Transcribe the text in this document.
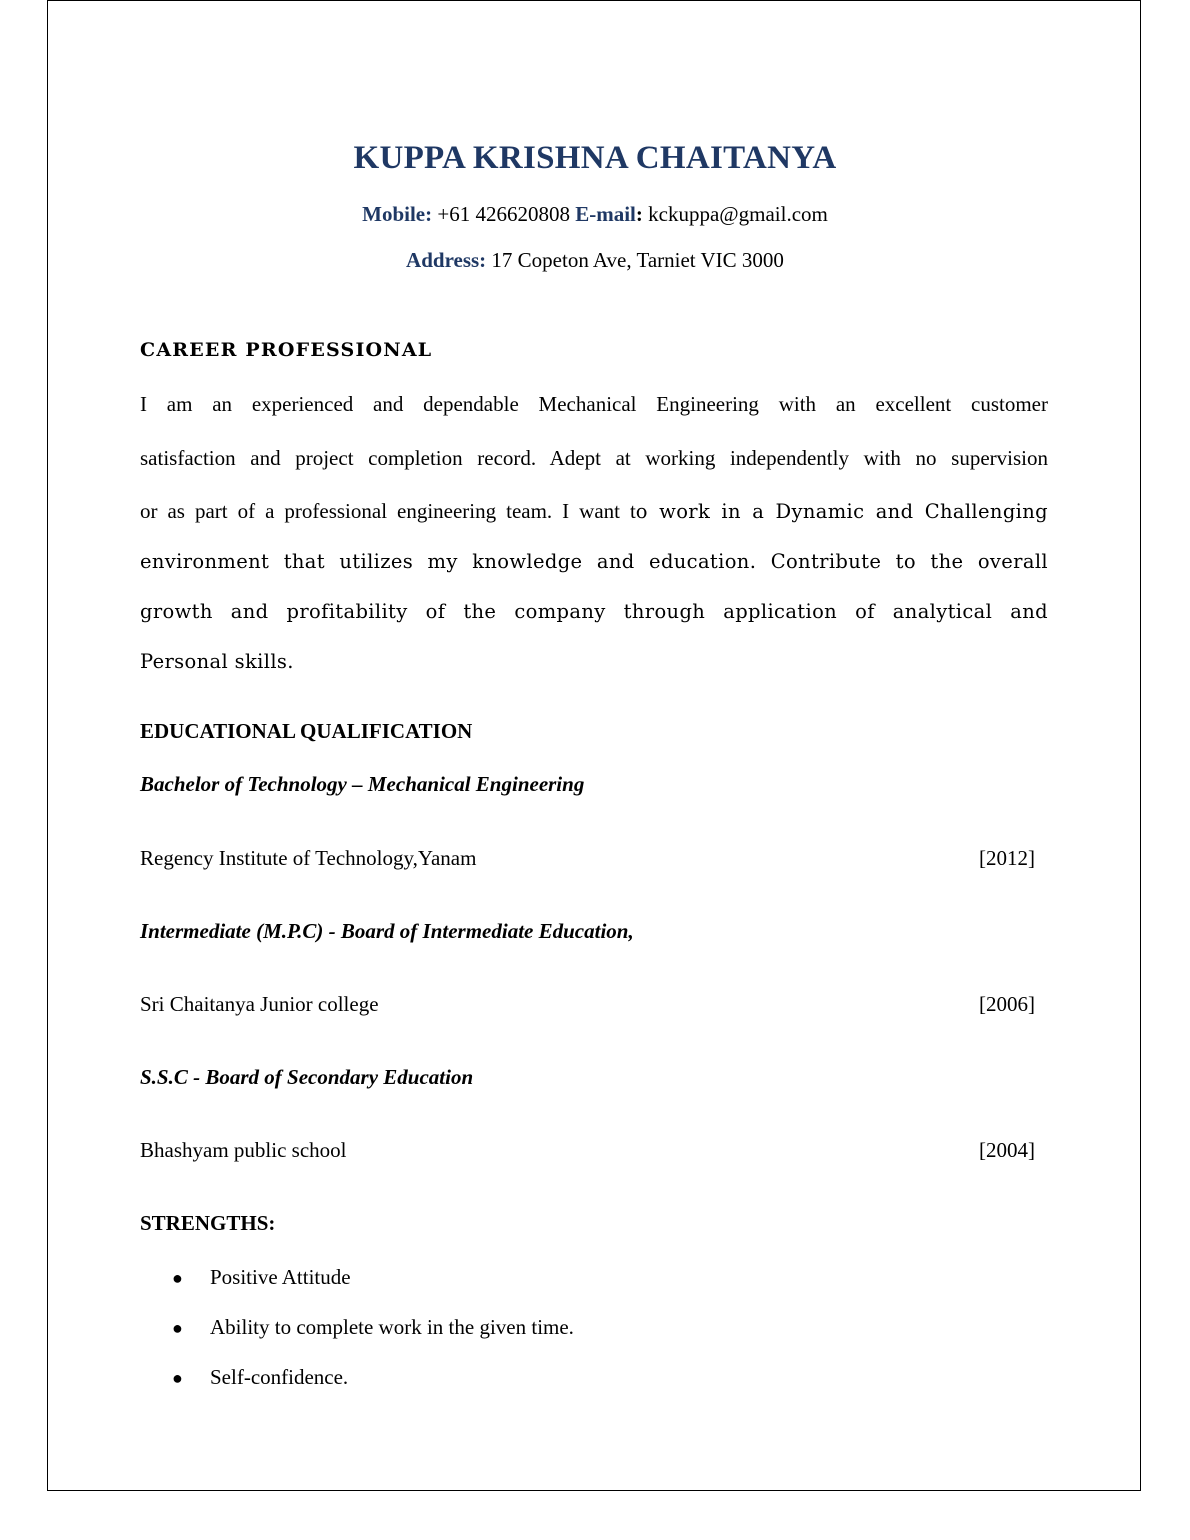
KUPPA KRISHNA CHAITANYA
Mobile: +61 426620808 E-mail: kckuppa@gmail.com
Address: 17 Copeton Ave, Tarniet VIC 3000
CAREER PROFESSIONAL
I am an experienced and dependable Mechanical Engineering with an excellent customer
satisfaction and project completion record. Adept at working independently with no supervision
or as part of a professional engineering team. I want to work in a Dynamic and Challenging
environment that utilizes my knowledge and education. Contribute to the overall
growth and profitability of the company through application of analytical and
Personal skills.
EDUCATIONAL QUALIFICATION
Bachelor of Technology – Mechanical Engineering
Regency Institute of Technology,Yanam	[2012]
Intermediate (M.P.C) - Board of Intermediate Education,
Sri Chaitanya Junior college	[2006]
S.S.C - Board of Secondary Education
Bhashyam public school	[2004]
STRENGTHS:
● Positive Attitude
● Ability to complete work in the given time.
● Self-confidence.
